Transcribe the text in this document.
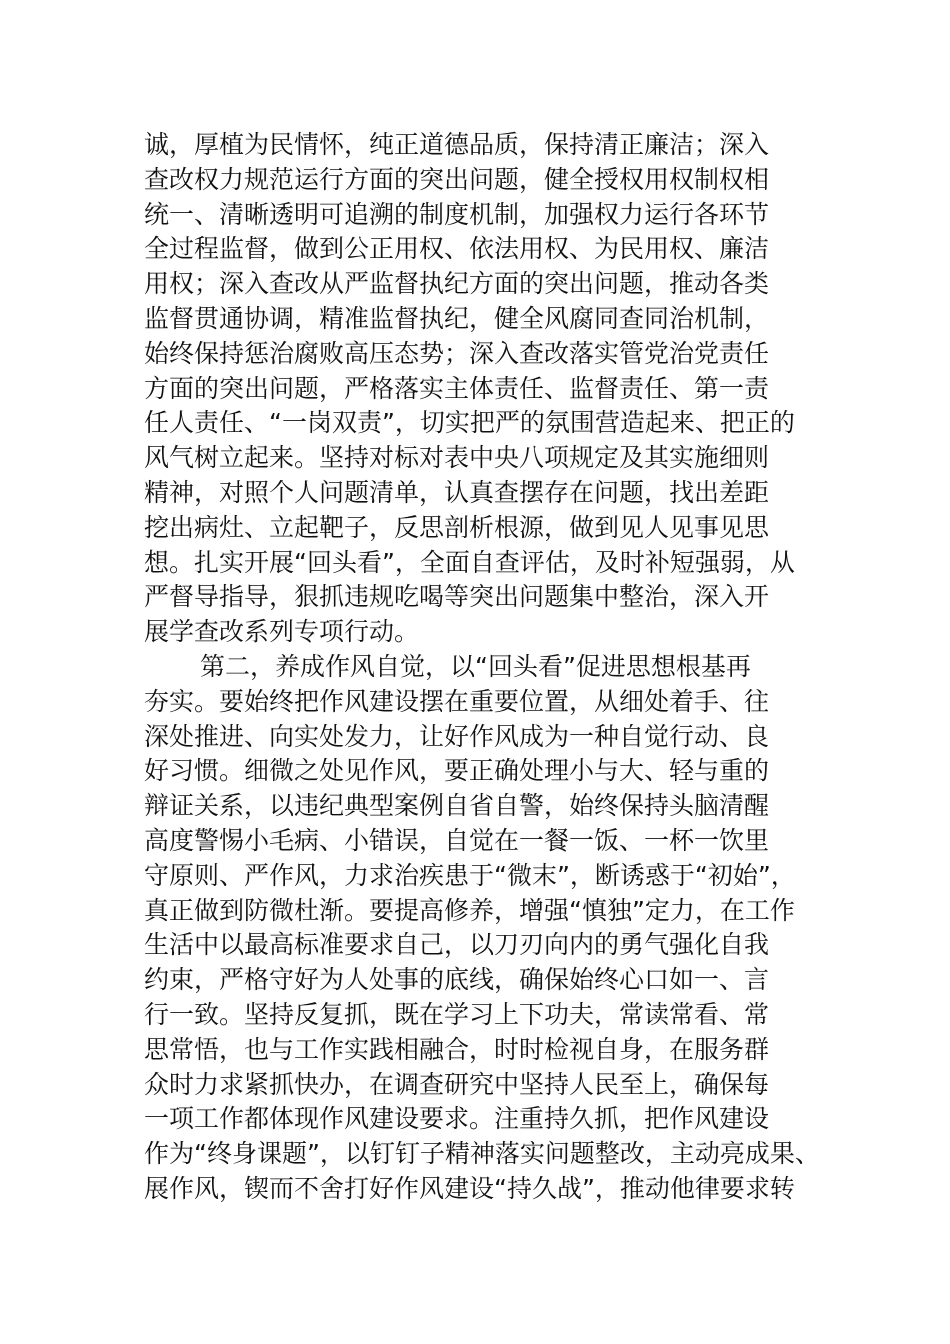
诚，厚植为民情怀，纯正道德品质，保持清正廉洁；深入
查改权力规范运行方面的突出问题，健全授权用权制权相
统一、清晰透明可追溯的制度机制，加强权力运行各环节
全过程监督，做到公正用权、依法用权、为民用权、廉洁
用权；深入查改从严监督执纪方面的突出问题，推动各类
监督贯通协调，精准监督执纪，健全风腐同查同治机制，
始终保持惩治腐败高压态势；深入查改落实管党治党责任
方面的突出问题，严格落实主体责任、监督责任、第一责
任人责任、“一岗双责”，切实把严的氛围营造起来、把正的
风气树立起来。坚持对标对表中央八项规定及其实施细则
精神，对照个人问题清单，认真查摆存在问题，找出差距
挖出病灶、立起靶子，反思剖析根源，做到见人见事见思
想。扎实开展“回头看”，全面自查评估，及时补短强弱，从
严督导指导，狠抓违规吃喝等突出问题集中整治，深入开
展学查改系列专项行动。
第二，养成作风自觉，以“回头看”促进思想根基再
夯实。要始终把作风建设摆在重要位置，从细处着手、往
深处推进、向实处发力，让好作风成为一种自觉行动、良
好习惯。细微之处见作风，要正确处理小与大、轻与重的
辩证关系，以违纪典型案例自省自警，始终保持头脑清醒
高度警惕小毛病、小错误，自觉在一餐一饭、一杯一饮里
守原则、严作风，力求治疾患于“微末”，断诱惑于“初始”，
真正做到防微杜渐。要提高修养，增强“慎独”定力，在工作
生活中以最高标准要求自己，以刀刃向内的勇气强化自我
约束，严格守好为人处事的底线，确保始终心口如一、言
行一致。坚持反复抓，既在学习上下功夫，常读常看、常
思常悟，也与工作实践相融合，时时检视自身，在服务群
众时力求紧抓快办，在调查研究中坚持人民至上，确保每
一项工作都体现作风建设要求。注重持久抓，把作风建设
作为“终身课题”，以钉钉子精神落实问题整改，主动亮成果、
展作风，锲而不舍打好作风建设“持久战”，推动他律要求转
